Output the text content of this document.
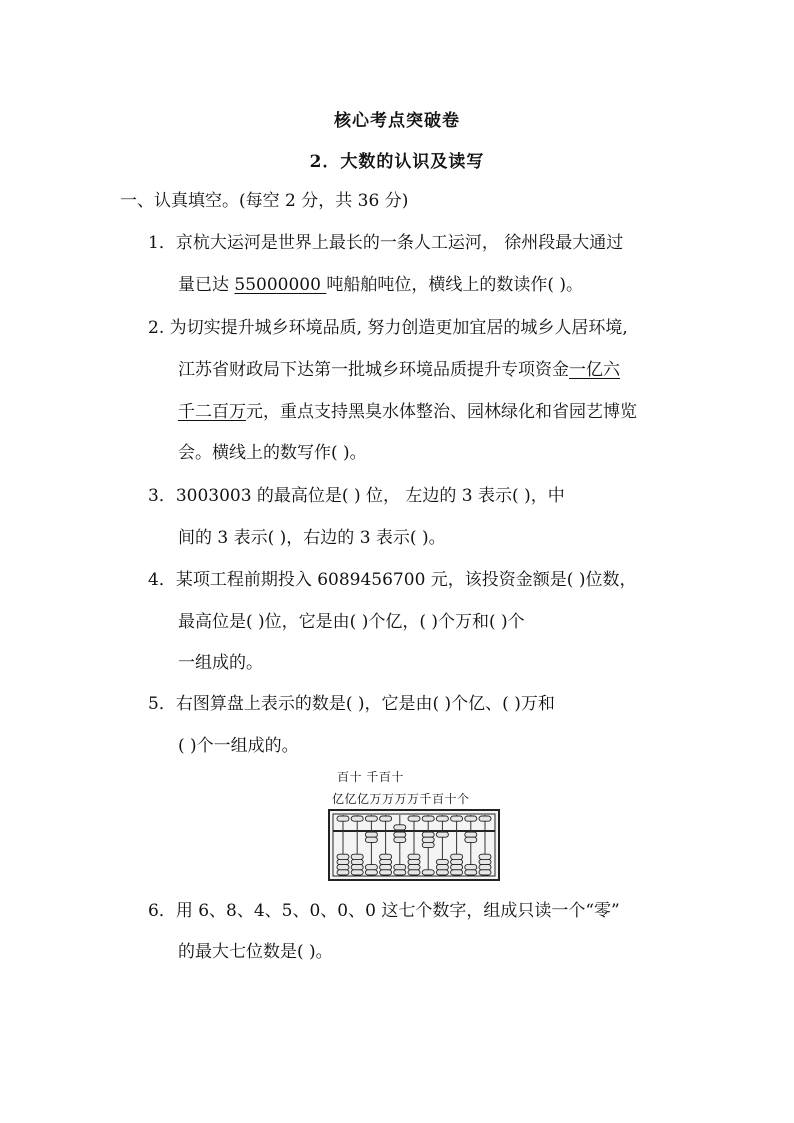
核心考点突破卷
2．大数的认识及读写
一、认真填空。(每空 2 分，共 36 分)
1．京杭大运河是世界上最长的一条人工运河， 徐州段最大通过
量已达 55000000 吨船舶吨位，横线上的数读作( )。
2. 为切实提升城乡环境品质, 努力创造更加宜居的城乡人居环境,
江苏省财政局下达第一批城乡环境品质提升专项资金一亿六
千二百万元，重点支持黑臭水体整治、园林绿化和省园艺博览
会。横线上的数写作( )。
3．3003003 的最高位是( ) 位， 左边的 3 表示( )，中
间的 3 表示( )，右边的 3 表示( )。
4．某项工程前期投入 6089456700 元，该投资金额是( )位数，
最高位是( )位，它是由( )个亿，( )个万和( )个
一组成的。
5．右图算盘上表示的数是( )，它是由( )个亿、( )万和
( )个一组成的。
百十 千百十
亿亿亿万万万万千百十个
6．用 6、8、4、5、0、0、0 这七个数字，组成只读一个“零”
的最大七位数是( )。
